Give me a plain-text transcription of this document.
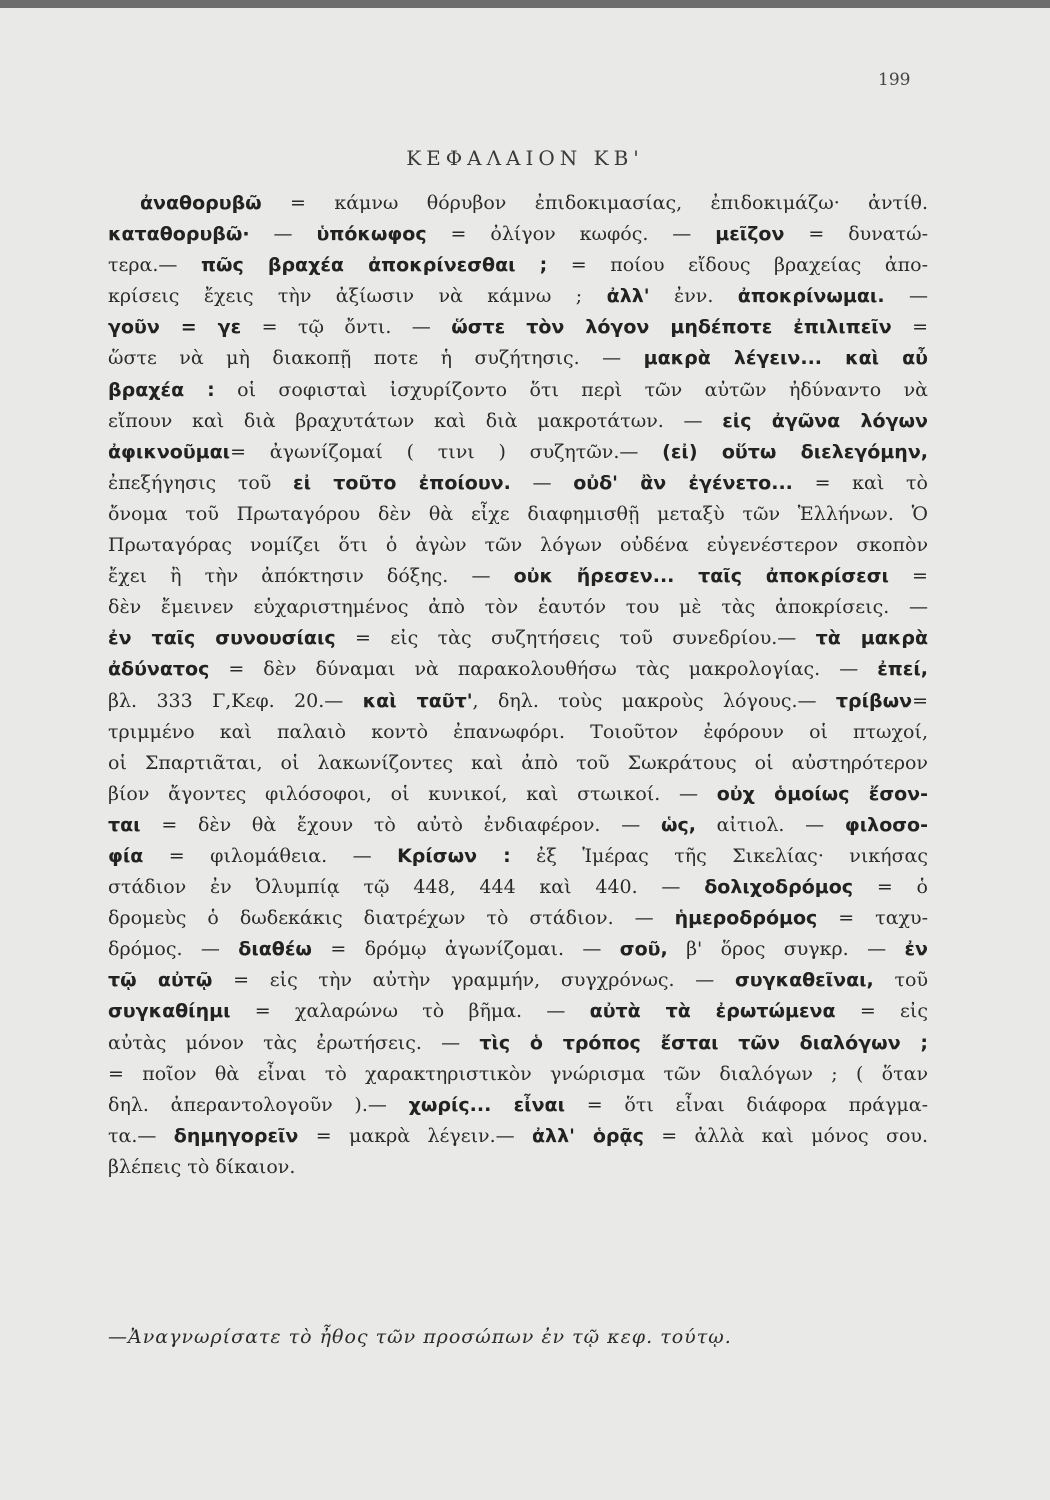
199
ΚΕΦΑΛΑΙΟΝ ΚΒ'
ἀναθορυβῶ = κάμνω θόρυβον ἐπιδοκιμασίας, ἐπιδοκιμάζω· ἀντίθ.
καταθορυβῶ· — ὑπόκωφος = ὀλίγον κωφός. — μεῖζον = δυνατώ-
τερα.— πῶς βραχέα ἀποκρίνεσθαι ; = ποίου εἴδους βραχείας ἀπο-
κρίσεις ἔχεις τὴν ἀξίωσιν νὰ κάμνω ; ἀλλ' ἐνν. ἀποκρίνωμαι. —
γοῦν = γε = τῷ ὄντι. — ὥστε τὸν λόγον μηδέποτε ἐπιλιπεῖν =
ὥστε νὰ μὴ διακοπῇ ποτε ἡ συζήτησις. — μακρὰ λέγειν... καὶ αὖ
βραχέα : οἱ σοφισταὶ ἰσχυρίζοντο ὅτι περὶ τῶν αὐτῶν ἠδύναντο νὰ
εἴπουν καὶ διὰ βραχυτάτων καὶ διὰ μακροτάτων. — εἰς ἀγῶνα λόγων
ἀφικνοῦμαι= ἀγωνίζομαί ( τινι ) συζητῶν.— (εἰ) οὕτω διελεγόμην,
ἐπεξήγησις τοῦ εἰ τοῦτο ἐποίουν. — οὐδ' ἂν ἐγένετο... = καὶ τὸ
ὄνομα τοῦ Πρωταγόρου δὲν θὰ εἶχε διαφημισθῇ μεταξὺ τῶν Ἑλλήνων. Ὁ
Πρωταγόρας νομίζει ὅτι ὁ ἀγὼν τῶν λόγων οὐδένα εὐγενέστερον σκοπὸν
ἔχει ἢ τὴν ἀπόκτησιν δόξης. — οὐκ ἤρεσεν... ταῖς ἀποκρίσεσι =
δὲν ἔμεινεν εὐχαριστημένος ἀπὸ τὸν ἑαυτόν του μὲ τὰς ἀποκρίσεις. —
ἐν ταῖς συνουσίαις = εἰς τὰς συζητήσεις τοῦ συνεδρίου.— τὰ μακρὰ
ἀδύνατος = δὲν δύναμαι νὰ παρακολουθήσω τὰς μακρολογίας. — ἐπεί,
βλ. 333 Γ,Κεφ. 20.— καὶ ταῦτ', δηλ. τοὺς μακροὺς λόγους.— τρίβων=
τριμμένο καὶ παλαιὸ κοντὸ ἐπανωφόρι. Τοιοῦτον ἐφόρουν οἱ πτωχοί,
οἱ Σπαρτιᾶται, οἱ λακωνίζοντες καὶ ἀπὸ τοῦ Σωκράτους οἱ αὐστηρότερον
βίον ἄγοντες φιλόσοφοι, οἱ κυνικοί, καὶ στωικοί. — οὐχ ὁμοίως ἔσον-
ται = δὲν θὰ ἔχουν τὸ αὐτὸ ἐνδιαφέρον. — ὡς, αἰτιολ. — φιλοσο-
φία = φιλομάθεια. — Κρίσων : ἐξ Ἱμέρας τῆς Σικελίας· νικήσας
στάδιον ἐν Ὀλυμπίᾳ τῷ 448, 444 καὶ 440. — δολιχοδρόμος = ὁ
δρομεὺς ὁ δωδεκάκις διατρέχων τὸ στάδιον. — ἡμεροδρόμος = ταχυ-
δρόμος. — διαθέω = δρόμῳ ἀγωνίζομαι. — σοῦ, β' ὅρος συγκρ. — ἐν
τῷ αὐτῷ = εἰς τὴν αὐτὴν γραμμήν, συγχρόνως. — συγκαθεῖναι, τοῦ
συγκαθίημι = χαλαρώνω τὸ βῆμα. — αὐτὰ τὰ ἐρωτώμενα = εἰς
αὐτὰς μόνον τὰς ἐρωτήσεις. — τὶς ὁ τρόπος ἔσται τῶν διαλόγων ;
= ποῖον θὰ εἶναι τὸ χαρακτηριστικὸν γνώρισμα τῶν διαλόγων ; ( ὅταν
δηλ. ἀπεραντολογοῦν ).— χωρίς... εἶναι = ὅτι εἶναι διάφορα πράγμα-
τα.— δημηγορεῖν = μακρὰ λέγειν.— ἀλλ' ὁρᾷς = ἀλλὰ καὶ μόνος σου.
βλέπεις τὸ δίκαιον.
—Ἀναγνωρίσατε τὸ ἦθος τῶν προσώπων ἐν τῷ κεφ. τούτῳ.
